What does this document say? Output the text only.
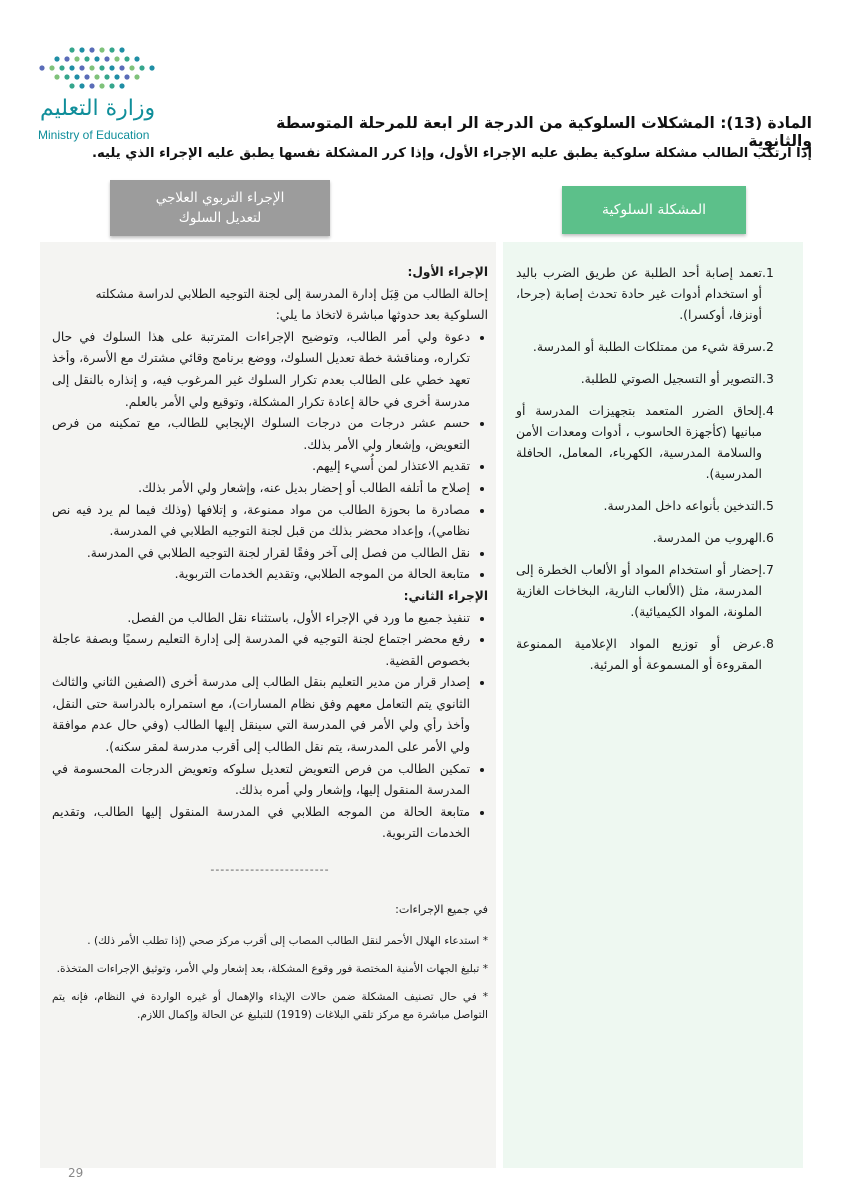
وزارة التعليم
Ministry of Education
المادة (13): المشكلات السلوكية من الدرجة الر ابعة للمرحلة المتوسطة والثانوية
إذا ارتكب الطالب مشكلة سلوكية يطبق عليه الإجراء الأول، وإذا كرر المشكلة نفسها يطبق عليه الإجراء الذي يليه.
المشكلة السلوكية
الإجراء التربوي العلاجي
لتعديل السلوك
.1
تعمد إصابة أحد الطلبة عن طريق الضرب باليد أو استخدام أدوات غير حادة تحدث إصابة (جرحا، أونزفا، أوكسرا).
.2
سرقة شيء من ممتلكات الطلبة أو المدرسة.
.3
التصوير أو التسجيل الصوتي للطلبة.
.4
إلحاق الضرر المتعمد بتجهيزات المدرسة أو مبانيها (كأجهزة الحاسوب ، أدوات ومعدات الأمن والسلامة المدرسية، الكهرباء، المعامل، الحافلة المدرسية).
.5
التدخين بأنواعه داخل المدرسة.
.6
الهروب من المدرسة.
.7
إحضار أو استخدام المواد أو الألعاب الخطرة إلى المدرسة، مثل (الألعاب النارية، البخاخات الغازية الملونة، المواد الكيميائية).
.8
عرض أو توزيع المواد الإعلامية الممنوعة المقروءة أو المسموعة أو المرئية.

الإجراء الأول:

إحالة الطالب من قِبَل إدارة المدرسة إلى لجنة التوجيه الطلابي لدراسة مشكلته السلوكية بعد حدوثها مباشرة لاتخاذ ما يلي:

• دعوة ولي أمر الطالب، وتوضيح الإجراءات المترتبة على هذا السلوك في حال تكراره، ومناقشة خطة تعديل السلوك، ووضع برنامج وقائي مشترك مع الأسرة، وأخذ تعهد خطي على الطالب بعدم تكرار السلوك غير المرغوب فيه، و إنذاره بالنقل إلى مدرسة أخرى في حالة إعادة تكرار المشكلة، وتوقيع ولي الأمر بالعلم.
• حسم عشر درجات من درجات السلوك الإيجابي للطالب، مع تمكينه من فرص التعويض، وإشعار ولي الأمر بذلك.
• تقديم الاعتذار لمن أُسيء إليهم.
• إصلاح ما أتلفه الطالب أو إحضار بديل عنه، وإشعار ولي الأمر بذلك.
• مصادرة ما بحوزة الطالب من مواد ممنوعة، و إتلافها (وذلك فيما لم يرد فيه نص نظامي)، وإعداد محضر بذلك من قبل لجنة التوجيه الطلابي في المدرسة.
• نقل الطالب من فصل إلى آخر وفقًا لقرار لجنة التوجيه الطلابي في المدرسة.
• متابعة الحالة من الموجه الطلابي، وتقديم الخدمات التربوية.

الإجراء الثاني:

• تنفيذ جميع ما ورد في الإجراء الأول، باستثناء نقل الطالب من الفصل.
• رفع محضر اجتماع لجنة التوجيه في المدرسة إلى إدارة التعليم رسميًا وبصفة عاجلة بخصوص القضية.
• إصدار قرار من مدير التعليم بنقل الطالب إلى مدرسة أخرى (الصفين الثاني والثالث الثانوي يتم التعامل معهم وفق نظام المسارات)، مع استمراره بالدراسة حتى النقل، وأخذ رأي ولي الأمر في المدرسة التي سينقل إليها الطالب (وفي حال عدم موافقة ولي الأمر على المدرسة، يتم نقل الطالب إلى أقرب مدرسة لمقر سكنه).
• تمكين الطالب من فرص التعويض لتعديل سلوكه وتعويض الدرجات المحسومة في المدرسة المنقول إليها، وإشعار ولي أمره بذلك.
• متابعة الحالة من الموجه الطلابي في المدرسة المنقول إليها الطالب، وتقديم الخدمات التربوية.

------------------------

في جميع الإجراءات:

* استدعاء الهلال الأحمر لنقل الطالب المصاب إلى أقرب مركز صحي (إذا تطلب الأمر ذلك) .

* تبليغ الجهات الأمنية المختصة فور وقوع المشكلة، بعد إشعار ولي الأمر، وتوثيق الإجراءات المتخذة.

* في حال تصنيف المشكلة ضمن حالات الإيذاء والإهمال أو غيره الواردة في النظام، فإنه يتم التواصل مباشرة مع مركز تلقي البلاغات (1919) للتبليغ عن الحالة وإكمال اللازم.

29
